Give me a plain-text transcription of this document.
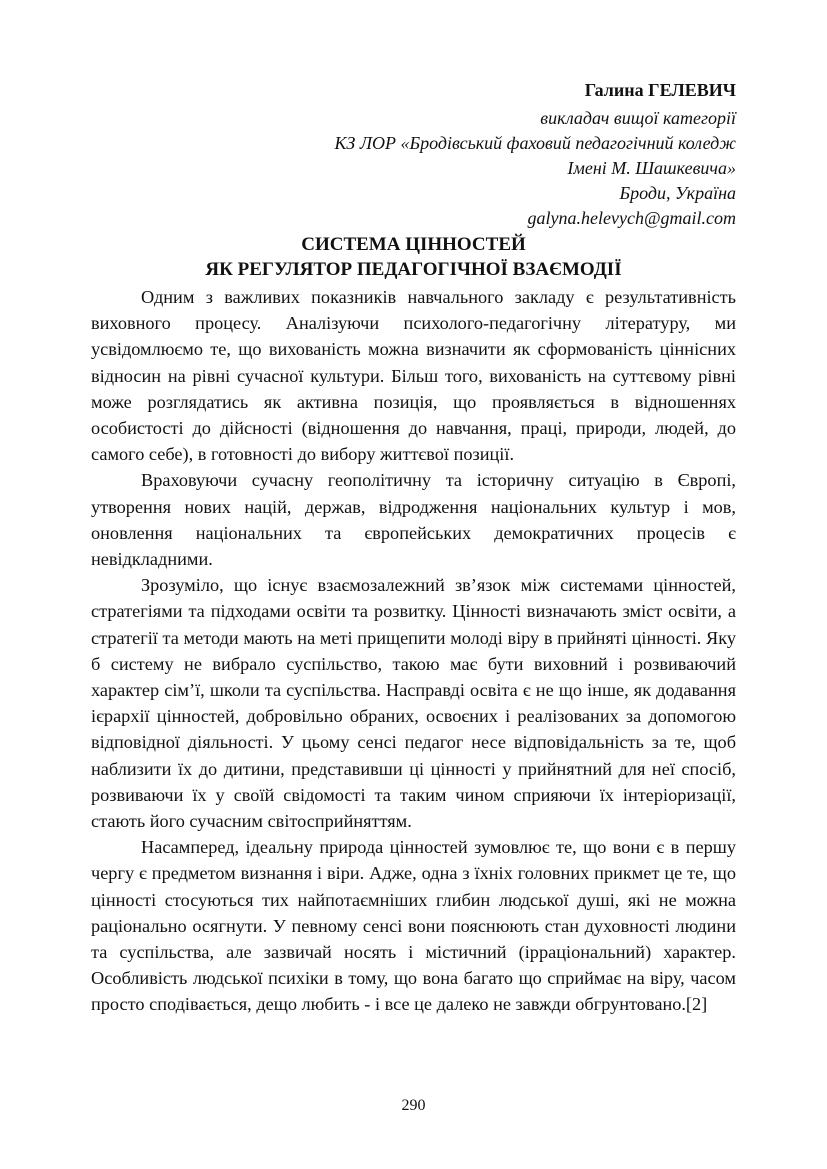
Галина ГЕЛЕВИЧ
викладач вищої категорії
КЗ ЛОР «Бродівський фаховий педагогічний коледж
Імені М. Шашкевича»
Броди, Україна
galyna.helevych@gmail.com
СИСТЕМА ЦІННОСТЕЙ
ЯК РЕГУЛЯТОР ПЕДАГОГІЧНОЇ ВЗАЄМОДІЇ

Одним з важливих показників навчального закладу є результативність виховного процесу. Аналізуючи психолого-педагогічну літературу, ми усвідомлюємо те, що вихованість можна визначити як сформованість ціннісних відносин на рівні сучасної культури. Більш того, вихованість на суттєвому рівні може розглядатись як активна позиція, що проявляється в відношеннях особистості до дійсності (відношення до навчання, праці, природи, людей, до самого себе), в готовності до вибору життєвої позиції.

Враховуючи сучасну геополітичну та історичну ситуацію в Європі, утворення нових націй, держав, відродження національних культур і мов, оновлення національних та європейських демократичних процесів є невідкладними.

Зрозуміло, що існує взаємозалежний зв’язок між системами цінностей, стратегіями та підходами освіти та розвитку. Цінності визначають зміст освіти, а стратегії та методи мають на меті прищепити молоді віру в прийняті цінності. Яку б систему не вибрало суспільство, такою має бути виховний і розвиваючий характер сім’ї, школи та суспільства. Насправді освіта є не що інше, як додавання ієрархії цінностей, добровільно обраних, освоєних і реалізованих за допомогою відповідної діяльності. У цьому сенсі педагог несе відповідальність за те, щоб наблизити їх до дитини, представивши ці цінності у прийнятний для неї спосіб, розвиваючи їх у своїй свідомості та таким чином сприяючи їх інтеріоризації, стають його сучасним світосприйняттям.

Насамперед, ідеальну природа цінностей зумовлює те, що вони є в першу чергу є предметом визнання і віри. Адже, одна з їхніх головних прикмет це те, що цінності стосуються тих найпотаємніших глибин людської душі, які не можна раціонально осягнути. У певному сенсі вони пояснюють стан духовності людини та суспільства, але зазвичай носять і містичний (ірраціональний) характер. Особливість людської психіки в тому, що вона багато що сприймає на віру, часом просто сподівається, дещо любить - і все це далеко не завжди обгрунтовано.[2]

290
